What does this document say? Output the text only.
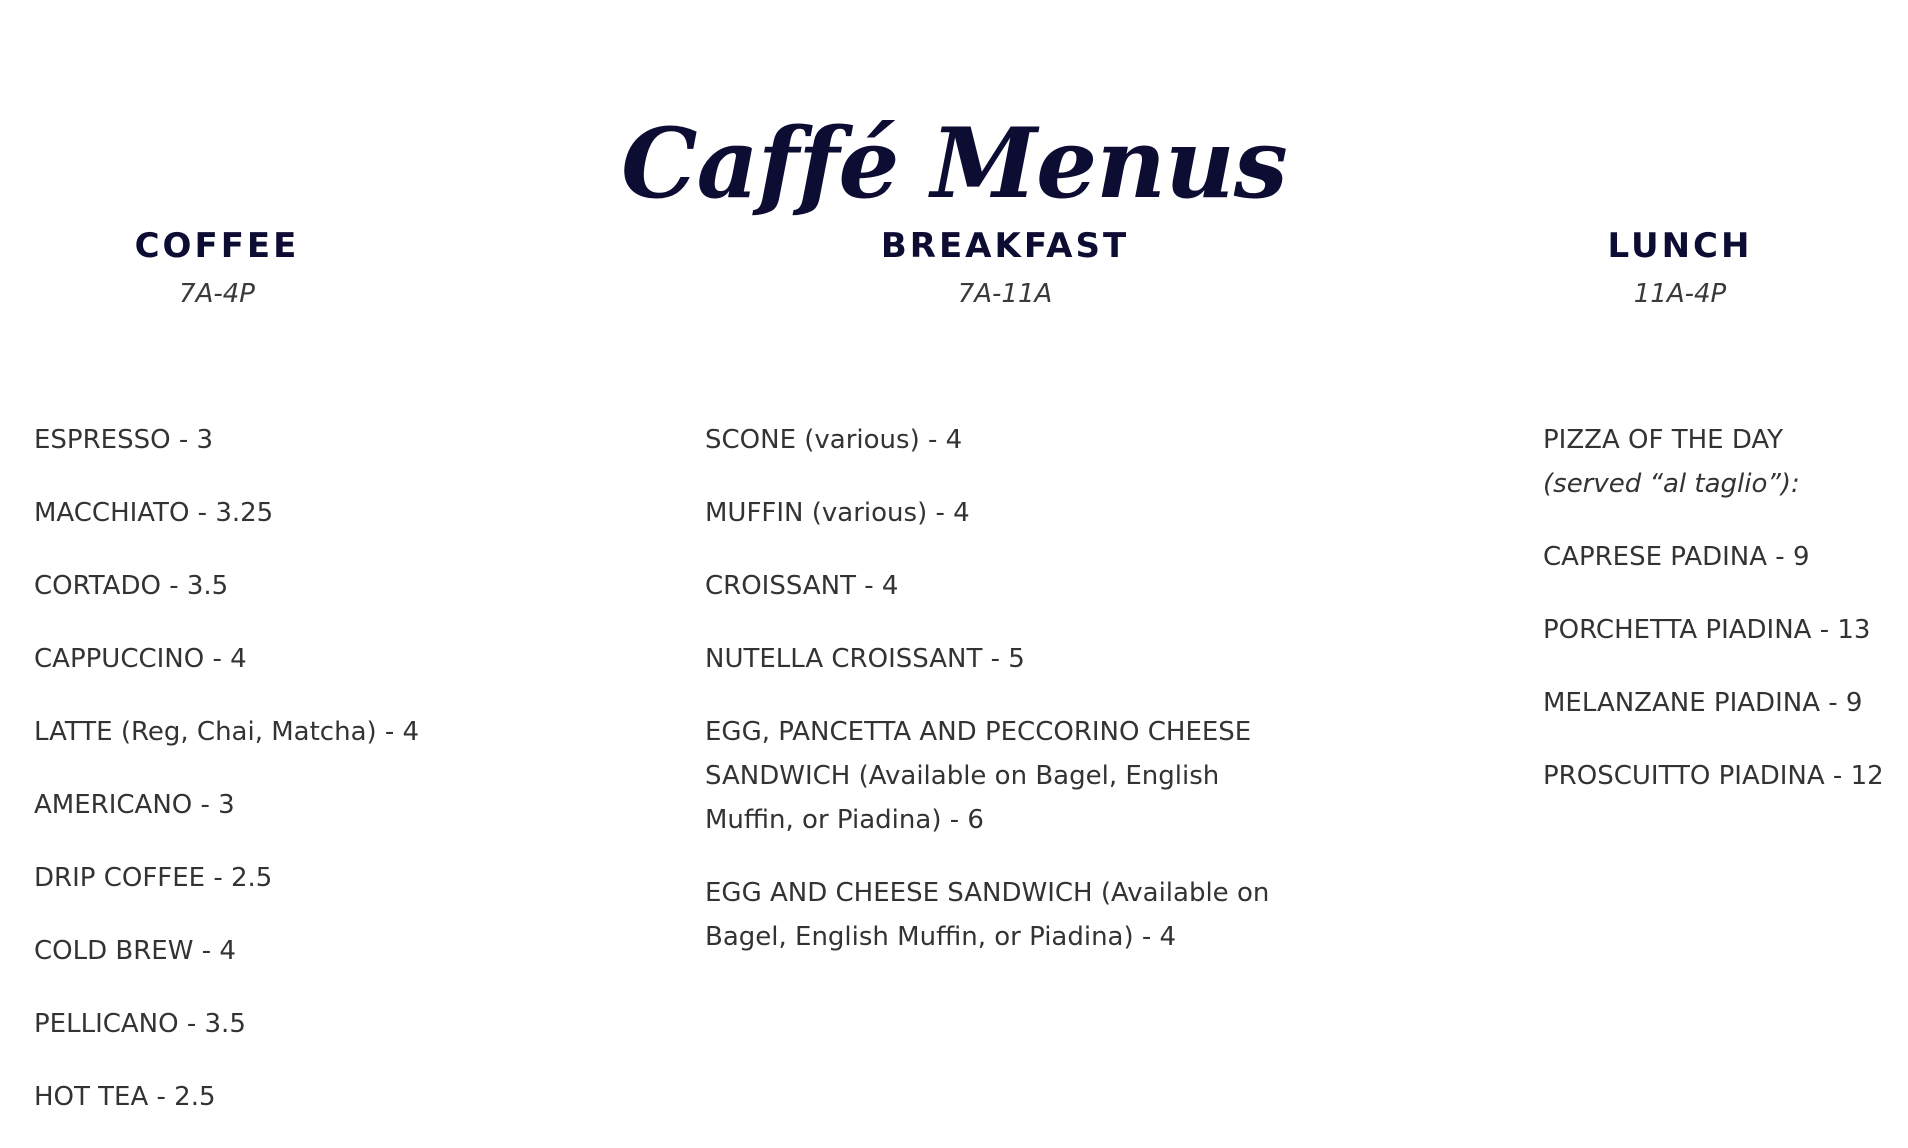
Caffé Menus
COFFEE
7A-4P
ESPRESSO - 3
MACCHIATO - 3.25
CORTADO - 3.5
CAPPUCCINO - 4
LATTE (Reg, Chai, Matcha) - 4
AMERICANO - 3
DRIP COFFEE - 2.5
COLD BREW - 4
PELLICANO - 3.5
HOT TEA - 2.5
BREAKFAST
7A-11A
SCONE (various) - 4
MUFFIN (various) - 4
CROISSANT - 4
NUTELLA CROISSANT - 5
EGG, PANCETTA AND PECCORINO CHEESE SANDWICH (Available on Bagel, English Muffin, or Piadina) - 6
EGG AND CHEESE SANDWICH (Available on Bagel, English Muffin, or Piadina) - 4
LUNCH
11A-4P
PIZZA OF THE DAY
(served “al taglio”):
CAPRESE PADINA - 9
PORCHETTA PIADINA - 13
MELANZANE PIADINA - 9
PROSCUITTO PIADINA - 12
